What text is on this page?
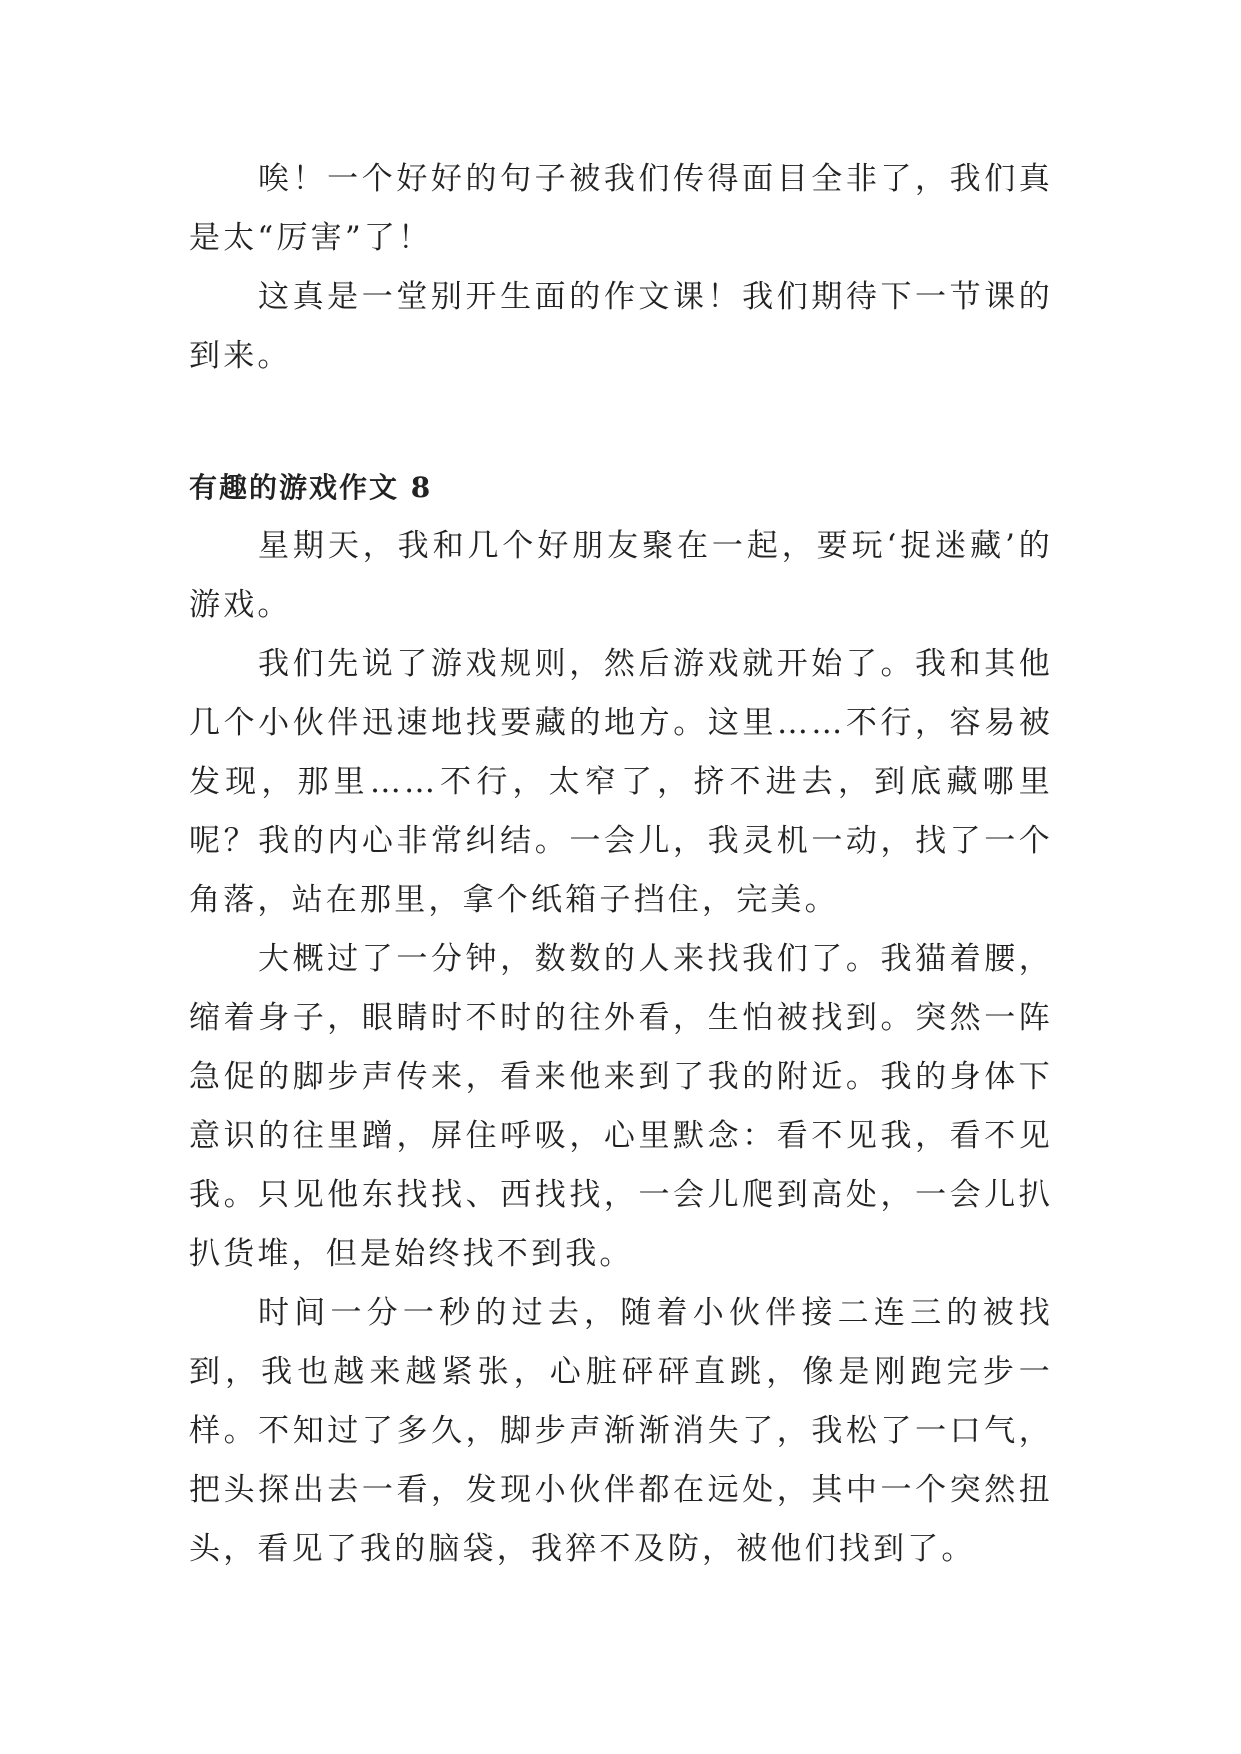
唉！一个好好的句子被我们传得面目全非了，我们真是太“厉害”了！

这真是一堂别开生面的作文课！我们期待下一节课的到来。

有趣的游戏作文 8

星期天，我和几个好朋友聚在一起，要玩‘捉迷藏’的游戏。

我们先说了游戏规则，然后游戏就开始了。我和其他几个小伙伴迅速地找要藏的地方。这里……不行，容易被发现，那里……不行，太窄了，挤不进去，到底藏哪里呢？我的内心非常纠结。一会儿，我灵机一动，找了一个角落，站在那里，拿个纸箱子挡住，完美。

大概过了一分钟，数数的人来找我们了。我猫着腰，缩着身子，眼睛时不时的往外看，生怕被找到。突然一阵急促的脚步声传来，看来他来到了我的附近。我的身体下意识的往里蹭，屏住呼吸，心里默念：看不见我，看不见我。只见他东找找、西找找，一会儿爬到高处，一会儿扒扒货堆，但是始终找不到我。

时间一分一秒的过去，随着小伙伴接二连三的被找到，我也越来越紧张，心脏砰砰直跳，像是刚跑完步一样。不知过了多久，脚步声渐渐消失了，我松了一口气，把头探出去一看，发现小伙伴都在远处，其中一个突然扭头，看见了我的脑袋，我猝不及防，被他们找到了。
